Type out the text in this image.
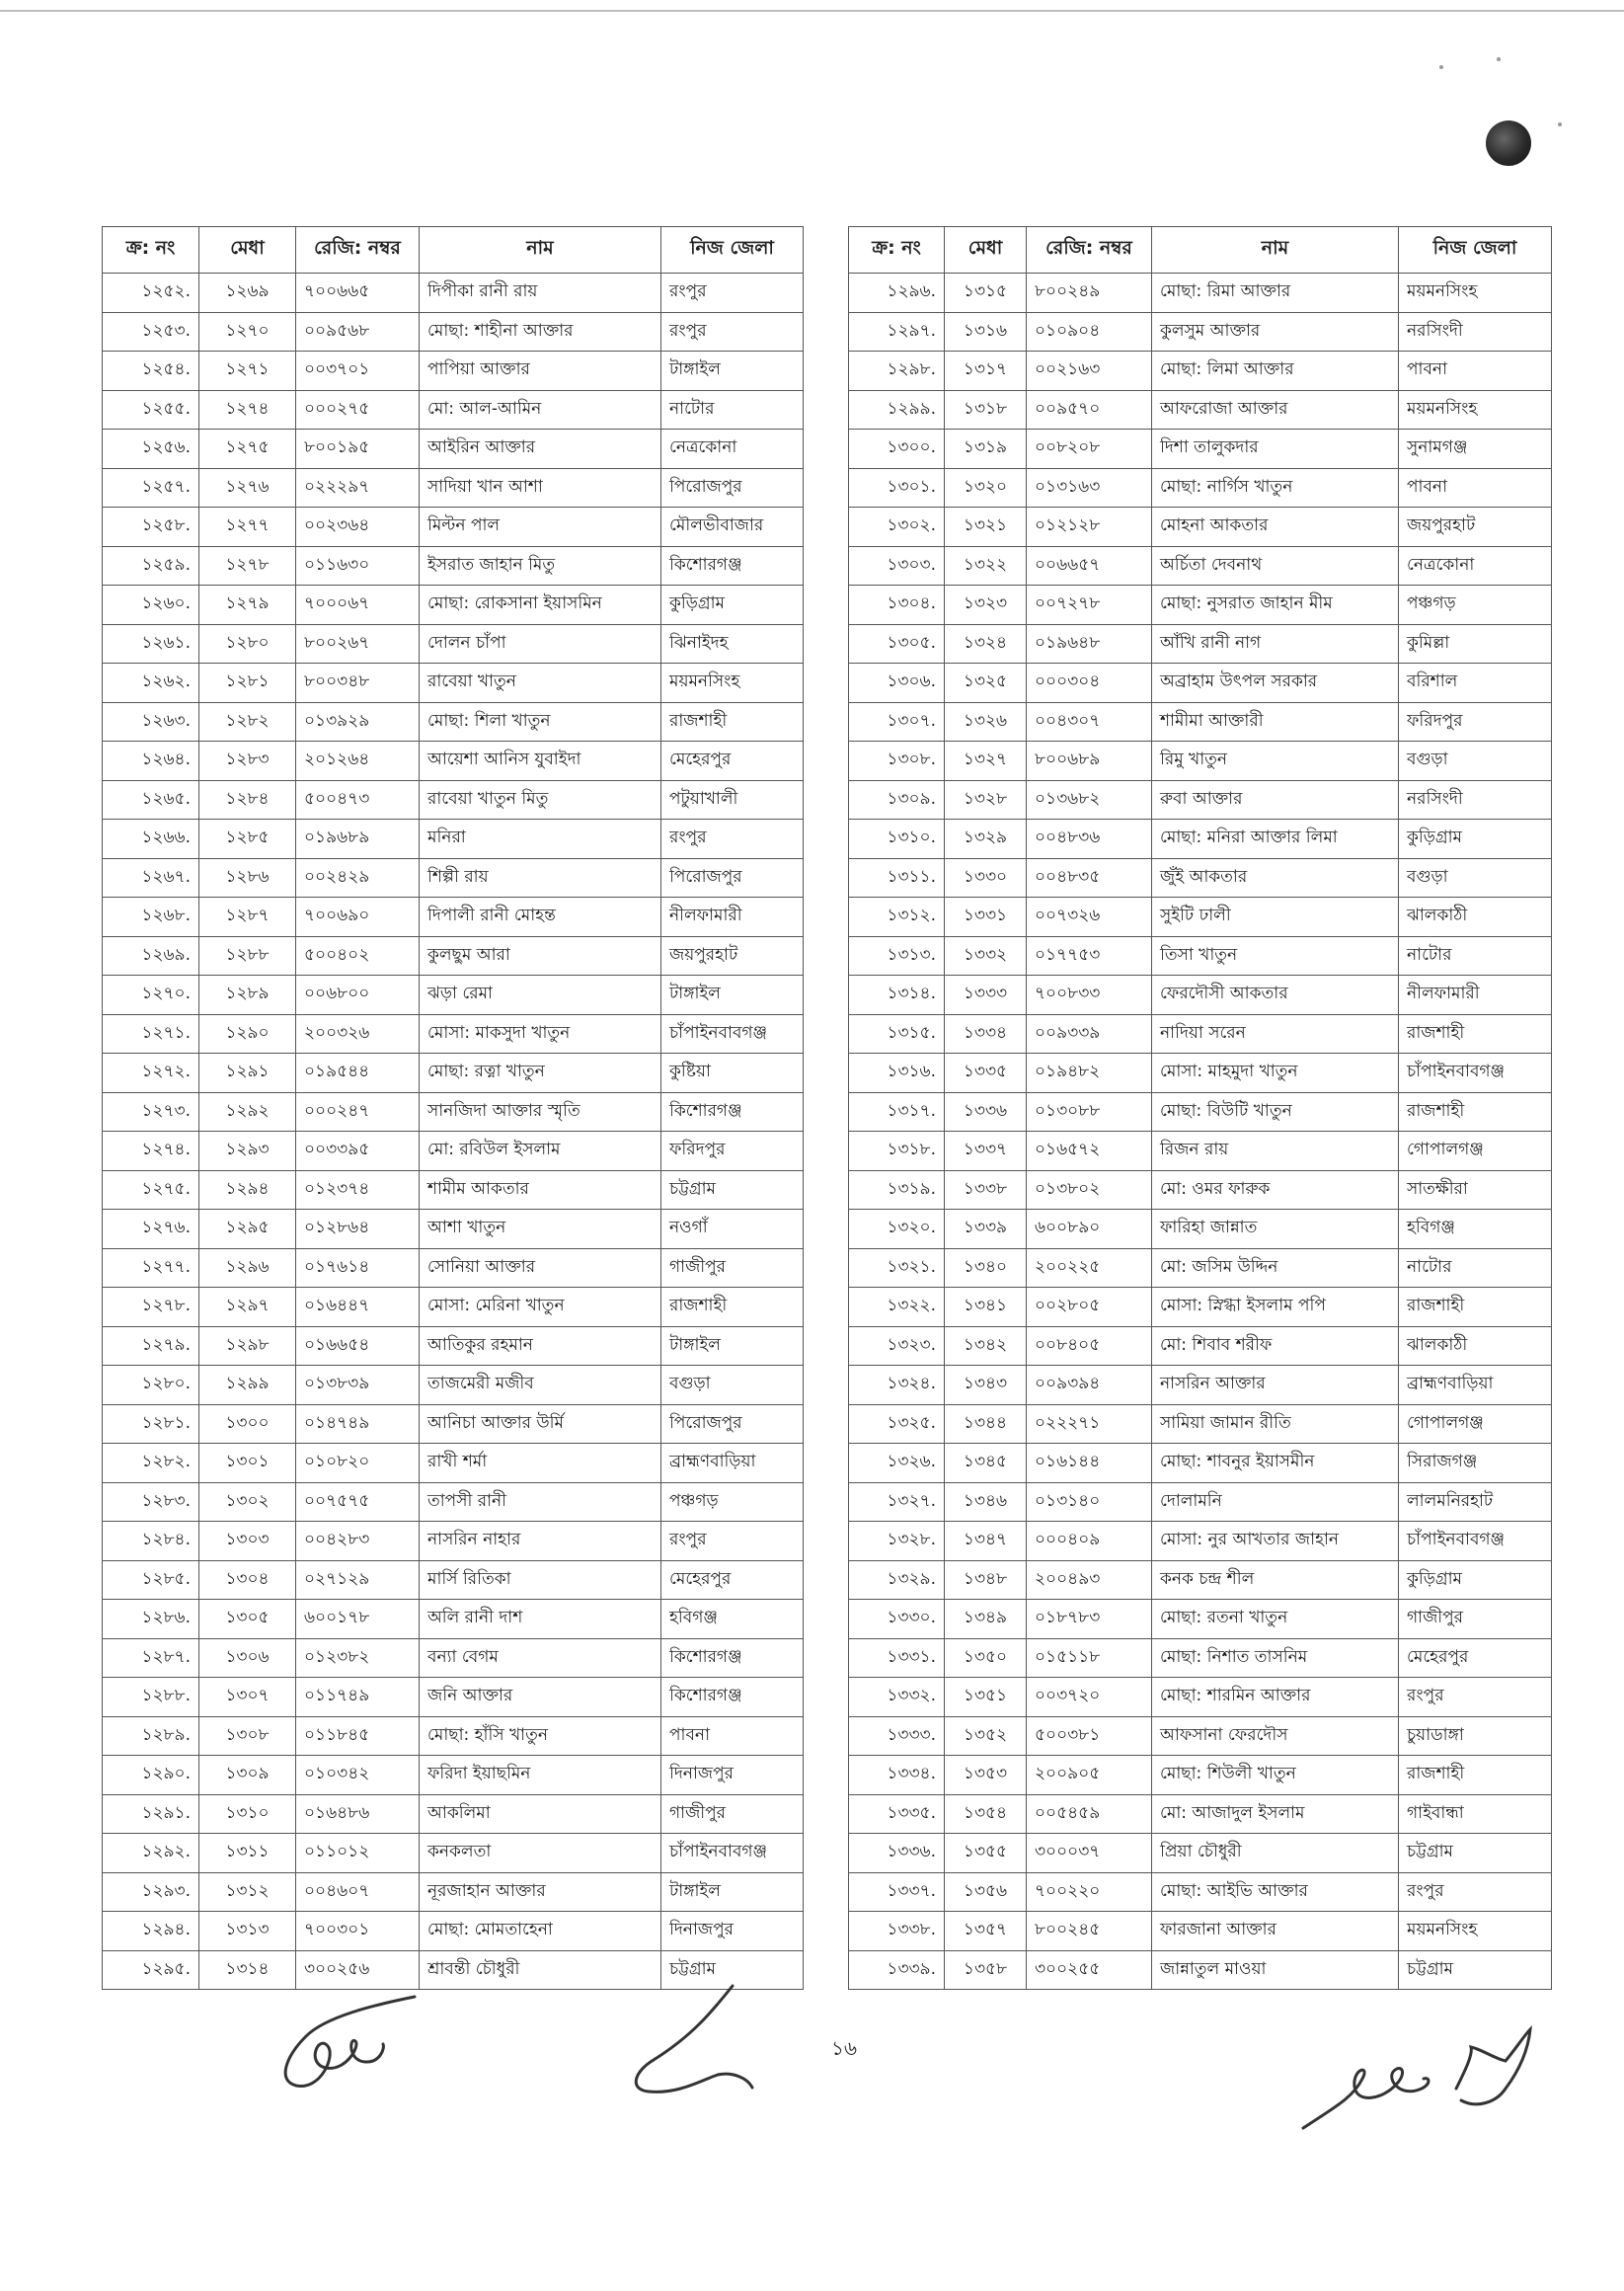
ক্র: নং	মেধা	রেজি: নম্বর	নাম	নিজ জেলা
১২৫২.	১২৬৯	৭০০৬৬৫	দিপীকা রানী রায়	রংপুর
১২৫৩.	১২৭০	০০৯৫৬৮	মোছা: শাহীনা আক্তার	রংপুর
১২৫৪.	১২৭১	০০৩৭০১	পাপিয়া আক্তার	টাঙ্গাইল
১২৫৫.	১২৭৪	০০০২৭৫	মো: আল-আমিন	নাটোর
১২৫৬.	১২৭৫	৮০০১৯৫	আইরিন আক্তার	নেত্রকোনা
১২৫৭.	১২৭৬	০২২২৯৭	সাদিয়া খান আশা	পিরোজপুর
১২৫৮.	১২৭৭	০০২৩৬৪	মিল্টন পাল	মৌলভীবাজার
১২৫৯.	১২৭৮	০১১৬৩০	ইসরাত জাহান মিতু	কিশোরগঞ্জ
১২৬০.	১২৭৯	৭০০০৬৭	মোছা: রোকসানা ইয়াসমিন	কুড়িগ্রাম
১২৬১.	১২৮০	৮০০২৬৭	দোলন চাঁপা	ঝিনাইদহ
১২৬২.	১২৮১	৮০০৩৪৮	রাবেয়া খাতুন	ময়মনসিংহ
১২৬৩.	১২৮২	০১৩৯২৯	মোছা: শিলা খাতুন	রাজশাহী
১২৬৪.	১২৮৩	২০১২৬৪	আয়েশা আনিস যুবাইদা	মেহেরপুর
১২৬৫.	১২৮৪	৫০০৪৭৩	রাবেয়া খাতুন মিতু	পটুয়াখালী
১২৬৬.	১২৮৫	০১৯৬৮৯	মনিরা	রংপুর
১২৬৭.	১২৮৬	০০২৪২৯	শিল্পী রায়	পিরোজপুর
১২৬৮.	১২৮৭	৭০০৬৯০	দিপালী রানী মোহন্ত	নীলফামারী
১২৬৯.	১২৮৮	৫০০৪০২	কুলছুম আরা	জয়পুরহাট
১২৭০.	১২৮৯	০০৬৮০০	ঝড়া রেমা	টাঙ্গাইল
১২৭১.	১২৯০	২০০৩২৬	মোসা: মাকসুদা খাতুন	চাঁপাইনবাবগঞ্জ
১২৭২.	১২৯১	০১৯৫৪৪	মোছা: রত্না খাতুন	কুষ্টিয়া
১২৭৩.	১২৯২	০০০২৪৭	সানজিদা আক্তার স্মৃতি	কিশোরগঞ্জ
১২৭৪.	১২৯৩	০০৩৩৯৫	মো: রবিউল ইসলাম	ফরিদপুর
১২৭৫.	১২৯৪	০১২৩৭৪	শামীম আকতার	চট্টগ্রাম
১২৭৬.	১২৯৫	০১২৮৬৪	আশা খাতুন	নওগাঁ
১২৭৭.	১২৯৬	০১৭৬১৪	সোনিয়া আক্তার	গাজীপুর
১২৭৮.	১২৯৭	০১৬৪৪৭	মোসা: মেরিনা খাতুন	রাজশাহী
১২৭৯.	১২৯৮	০১৬৬৫৪	আতিকুর রহমান	টাঙ্গাইল
১২৮০.	১২৯৯	০১৩৮৩৯	তাজমেরী মজীব	বগুড়া
১২৮১.	১৩০০	০১৪৭৪৯	আনিচা আক্তার উর্মি	পিরোজপুর
১২৮২.	১৩০১	০১০৮২০	রাখী শর্মা	ব্রাহ্মণবাড়িয়া
১২৮৩.	১৩০২	০০৭৫৭৫	তাপসী রানী	পঞ্চগড়
১২৮৪.	১৩০৩	০০৪২৮৩	নাসরিন নাহার	রংপুর
১২৮৫.	১৩০৪	০২৭১২৯	মার্সি রিতিকা	মেহেরপুর
১২৮৬.	১৩০৫	৬০০১৭৮	অলি রানী দাশ	হবিগঞ্জ
১২৮৭.	১৩০৬	০১২৩৮২	বন্যা বেগম	কিশোরগঞ্জ
১২৮৮.	১৩০৭	০১১৭৪৯	জনি আক্তার	কিশোরগঞ্জ
১২৮৯.	১৩০৮	০১১৮৪৫	মোছা: হাঁসি খাতুন	পাবনা
১২৯০.	১৩০৯	০১০৩৪২	ফরিদা ইয়াছমিন	দিনাজপুর
১২৯১.	১৩১০	০১৬৪৮৬	আকলিমা	গাজীপুর
১২৯২.	১৩১১	০১১০১২	কনকলতা	চাঁপাইনবাবগঞ্জ
১২৯৩.	১৩১২	০০৪৬০৭	নূরজাহান আক্তার	টাঙ্গাইল
১২৯৪.	১৩১৩	৭০০৩০১	মোছা: মোমতাহেনা	দিনাজপুর
১২৯৫.	১৩১৪	৩০০২৫৬	শ্রাবন্তী চৌধুরী	চট্টগ্রাম
ক্র: নং	মেধা	রেজি: নম্বর	নাম	নিজ জেলা
১২৯৬.	১৩১৫	৮০০২৪৯	মোছা: রিমা আক্তার	ময়মনসিংহ
১২৯৭.	১৩১৬	০১০৯০৪	কুলসুম আক্তার	নরসিংদী
১২৯৮.	১৩১৭	০০২১৬৩	মোছা: লিমা আক্তার	পাবনা
১২৯৯.	১৩১৮	০০৯৫৭০	আফরোজা আক্তার	ময়মনসিংহ
১৩০০.	১৩১৯	০০৮২০৮	দিশা তালুকদার	সুনামগঞ্জ
১৩০১.	১৩২০	০১৩১৬৩	মোছা: নার্গিস খাতুন	পাবনা
১৩০২.	১৩২১	০১২১২৮	মোহনা আকতার	জয়পুরহাট
১৩০৩.	১৩২২	০০৬৬৫৭	অর্চিতা দেবনাথ	নেত্রকোনা
১৩০৪.	১৩২৩	০০৭২৭৮	মোছা: নুসরাত জাহান মীম	পঞ্চগড়
১৩০৫.	১৩২৪	০১৯৬৪৮	আঁখি রানী নাগ	কুমিল্লা
১৩০৬.	১৩২৫	০০০৩০৪	অব্রাহাম উৎপল সরকার	বরিশাল
১৩০৭.	১৩২৬	০০৪৩০৭	শামীমা আক্তারী	ফরিদপুর
১৩০৮.	১৩২৭	৮০০৬৮৯	রিমু খাতুন	বগুড়া
১৩০৯.	১৩২৮	০১৩৬৮২	রুবা আক্তার	নরসিংদী
১৩১০.	১৩২৯	০০৪৮৩৬	মোছা: মনিরা আক্তার লিমা	কুড়িগ্রাম
১৩১১.	১৩৩০	০০৪৮৩৫	জুঁই আকতার	বগুড়া
১৩১২.	১৩৩১	০০৭৩২৬	সুইটি ঢালী	ঝালকাঠী
১৩১৩.	১৩৩২	০১৭৭৫৩	তিসা খাতুন	নাটোর
১৩১৪.	১৩৩৩	৭০০৮৩৩	ফেরদৌসী আকতার	নীলফামারী
১৩১৫.	১৩৩৪	০০৯৩৩৯	নাদিয়া সরেন	রাজশাহী
১৩১৬.	১৩৩৫	০১৯৪৮২	মোসা: মাহমুদা খাতুন	চাঁপাইনবাবগঞ্জ
১৩১৭.	১৩৩৬	০১৩০৮৮	মোছা: বিউটি খাতুন	রাজশাহী
১৩১৮.	১৩৩৭	০১৬৫৭২	রিজন রায়	গোপালগঞ্জ
১৩১৯.	১৩৩৮	০১৩৮০২	মো: ওমর ফারুক	সাতক্ষীরা
১৩২০.	১৩৩৯	৬০০৮৯০	ফারিহা জান্নাত	হবিগঞ্জ
১৩২১.	১৩৪০	২০০২২৫	মো: জসিম উদ্দিন	নাটোর
১৩২২.	১৩৪১	০০২৮০৫	মোসা: স্নিগ্ধা ইসলাম পপি	রাজশাহী
১৩২৩.	১৩৪২	০০৮৪০৫	মো: শিবাব শরীফ	ঝালকাঠী
১৩২৪.	১৩৪৩	০০৯৩৯৪	নাসরিন আক্তার	ব্রাহ্মণবাড়িয়া
১৩২৫.	১৩৪৪	০২২২৭১	সামিয়া জামান রীতি	গোপালগঞ্জ
১৩২৬.	১৩৪৫	০১৬১৪৪	মোছা: শাবনুর ইয়াসমীন	সিরাজগঞ্জ
১৩২৭.	১৩৪৬	০১৩১৪০	দোলামনি	লালমনিরহাট
১৩২৮.	১৩৪৭	০০০৪০৯	মোসা: নুর আখতার জাহান	চাঁপাইনবাবগঞ্জ
১৩২৯.	১৩৪৮	২০০৪৯৩	কনক চন্দ্র শীল	কুড়িগ্রাম
১৩৩০.	১৩৪৯	০১৮৭৮৩	মোছা: রতনা খাতুন	গাজীপুর
১৩৩১.	১৩৫০	০১৫১১৮	মোছা: নিশাত তাসনিম	মেহেরপুর
১৩৩২.	১৩৫১	০০৩৭২০	মোছা: শারমিন আক্তার	রংপুর
১৩৩৩.	১৩৫২	৫০০৩৮১	আফসানা ফেরদৌস	চুয়াডাঙ্গা
১৩৩৪.	১৩৫৩	২০০৯০৫	মোছা: শিউলী খাতুন	রাজশাহী
১৩৩৫.	১৩৫৪	০০৫৪৫৯	মো: আজাদুল ইসলাম	গাইবান্ধা
১৩৩৬.	১৩৫৫	৩০০০৩৭	প্রিয়া চৌধুরী	চট্টগ্রাম
১৩৩৭.	১৩৫৬	৭০০২২০	মোছা: আইভি আক্তার	রংপুর
১৩৩৮.	১৩৫৭	৮০০২৪৫	ফারজানা আক্তার	ময়মনসিংহ
১৩৩৯.	১৩৫৮	৩০০২৫৫	জান্নাতুল মাওয়া	চট্টগ্রাম
১৬
